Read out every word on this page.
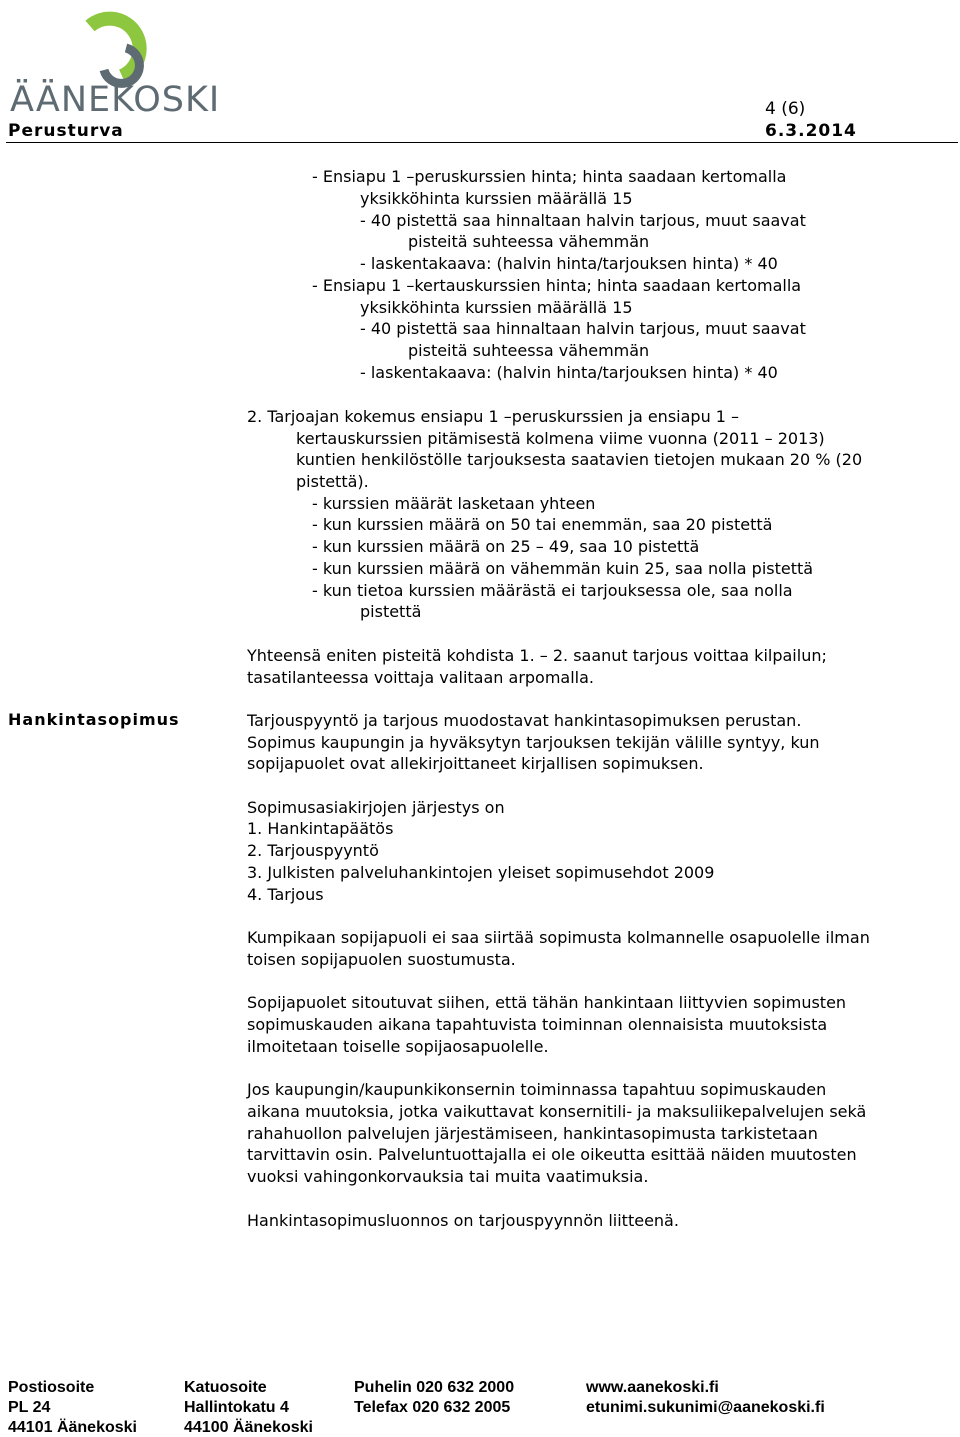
ÄÄNEKOSKI	4 (6)
Perusturva	6.3.2014
- Ensiapu 1 –peruskurssien hinta; hinta saadaan kertomalla
yksikköhinta kurssien määrällä 15
- 40 pistettä saa hinnaltaan halvin tarjous, muut saavat
pisteitä suhteessa vähemmän
- laskentakaava: (halvin hinta/tarjouksen hinta) * 40
- Ensiapu 1 –kertauskurssien hinta; hinta saadaan kertomalla
yksikköhinta kurssien määrällä 15
- 40 pistettä saa hinnaltaan halvin tarjous, muut saavat
pisteitä suhteessa vähemmän
- laskentakaava: (halvin hinta/tarjouksen hinta) * 40
2. Tarjoajan kokemus ensiapu 1 –peruskurssien ja ensiapu 1 –
kertauskurssien pitämisestä kolmena viime vuonna (2011 – 2013)
kuntien henkilöstölle tarjouksesta saatavien tietojen mukaan 20 % (20
pistettä).
- kurssien määrät lasketaan yhteen
- kun kurssien määrä on 50 tai enemmän, saa 20 pistettä
- kun kurssien määrä on 25 – 49, saa 10 pistettä
- kun kurssien määrä on vähemmän kuin 25, saa nolla pistettä
- kun tietoa kurssien määrästä ei tarjouksessa ole, saa nolla
pistettä
Yhteensä eniten pisteitä kohdista 1. – 2. saanut tarjous voittaa kilpailun;
tasatilanteessa voittaja valitaan arpomalla.
Hankintasopimus	Tarjouspyyntö ja tarjous muodostavat hankintasopimuksen perustan.
Sopimus kaupungin ja hyväksytyn tarjouksen tekijän välille syntyy, kun
sopijapuolet ovat allekirjoittaneet kirjallisen sopimuksen.
Sopimusasiakirjojen järjestys on
1. Hankintapäätös
2. Tarjouspyyntö
3. Julkisten palveluhankintojen yleiset sopimusehdot 2009
4. Tarjous
Kumpikaan sopijapuoli ei saa siirtää sopimusta kolmannelle osapuolelle ilman
toisen sopijapuolen suostumusta.
Sopijapuolet sitoutuvat siihen, että tähän hankintaan liittyvien sopimusten
sopimuskauden aikana tapahtuvista toiminnan olennaisista muutoksista
ilmoitetaan toiselle sopijaosapuolelle.
Jos kaupungin/kaupunkikonsernin toiminnassa tapahtuu sopimuskauden
aikana muutoksia, jotka vaikuttavat konsernitili- ja maksuliikepalvelujen sekä
rahahuollon palvelujen järjestämiseen, hankintasopimusta tarkistetaan
tarvittavin osin. Palveluntuottajalla ei ole oikeutta esittää näiden muutosten
vuoksi vahingonkorvauksia tai muita vaatimuksia.
Hankintasopimusluonnos on tarjouspyynnön liitteenä.
Postiosoite
PL 24
44101 Äänekoski
Katuosoite
Hallintokatu 4
44100 Äänekoski
Puhelin 020 632 2000
Telefax 020 632 2005
www.aanekoski.fi
etunimi.sukunimi@aanekoski.fi
